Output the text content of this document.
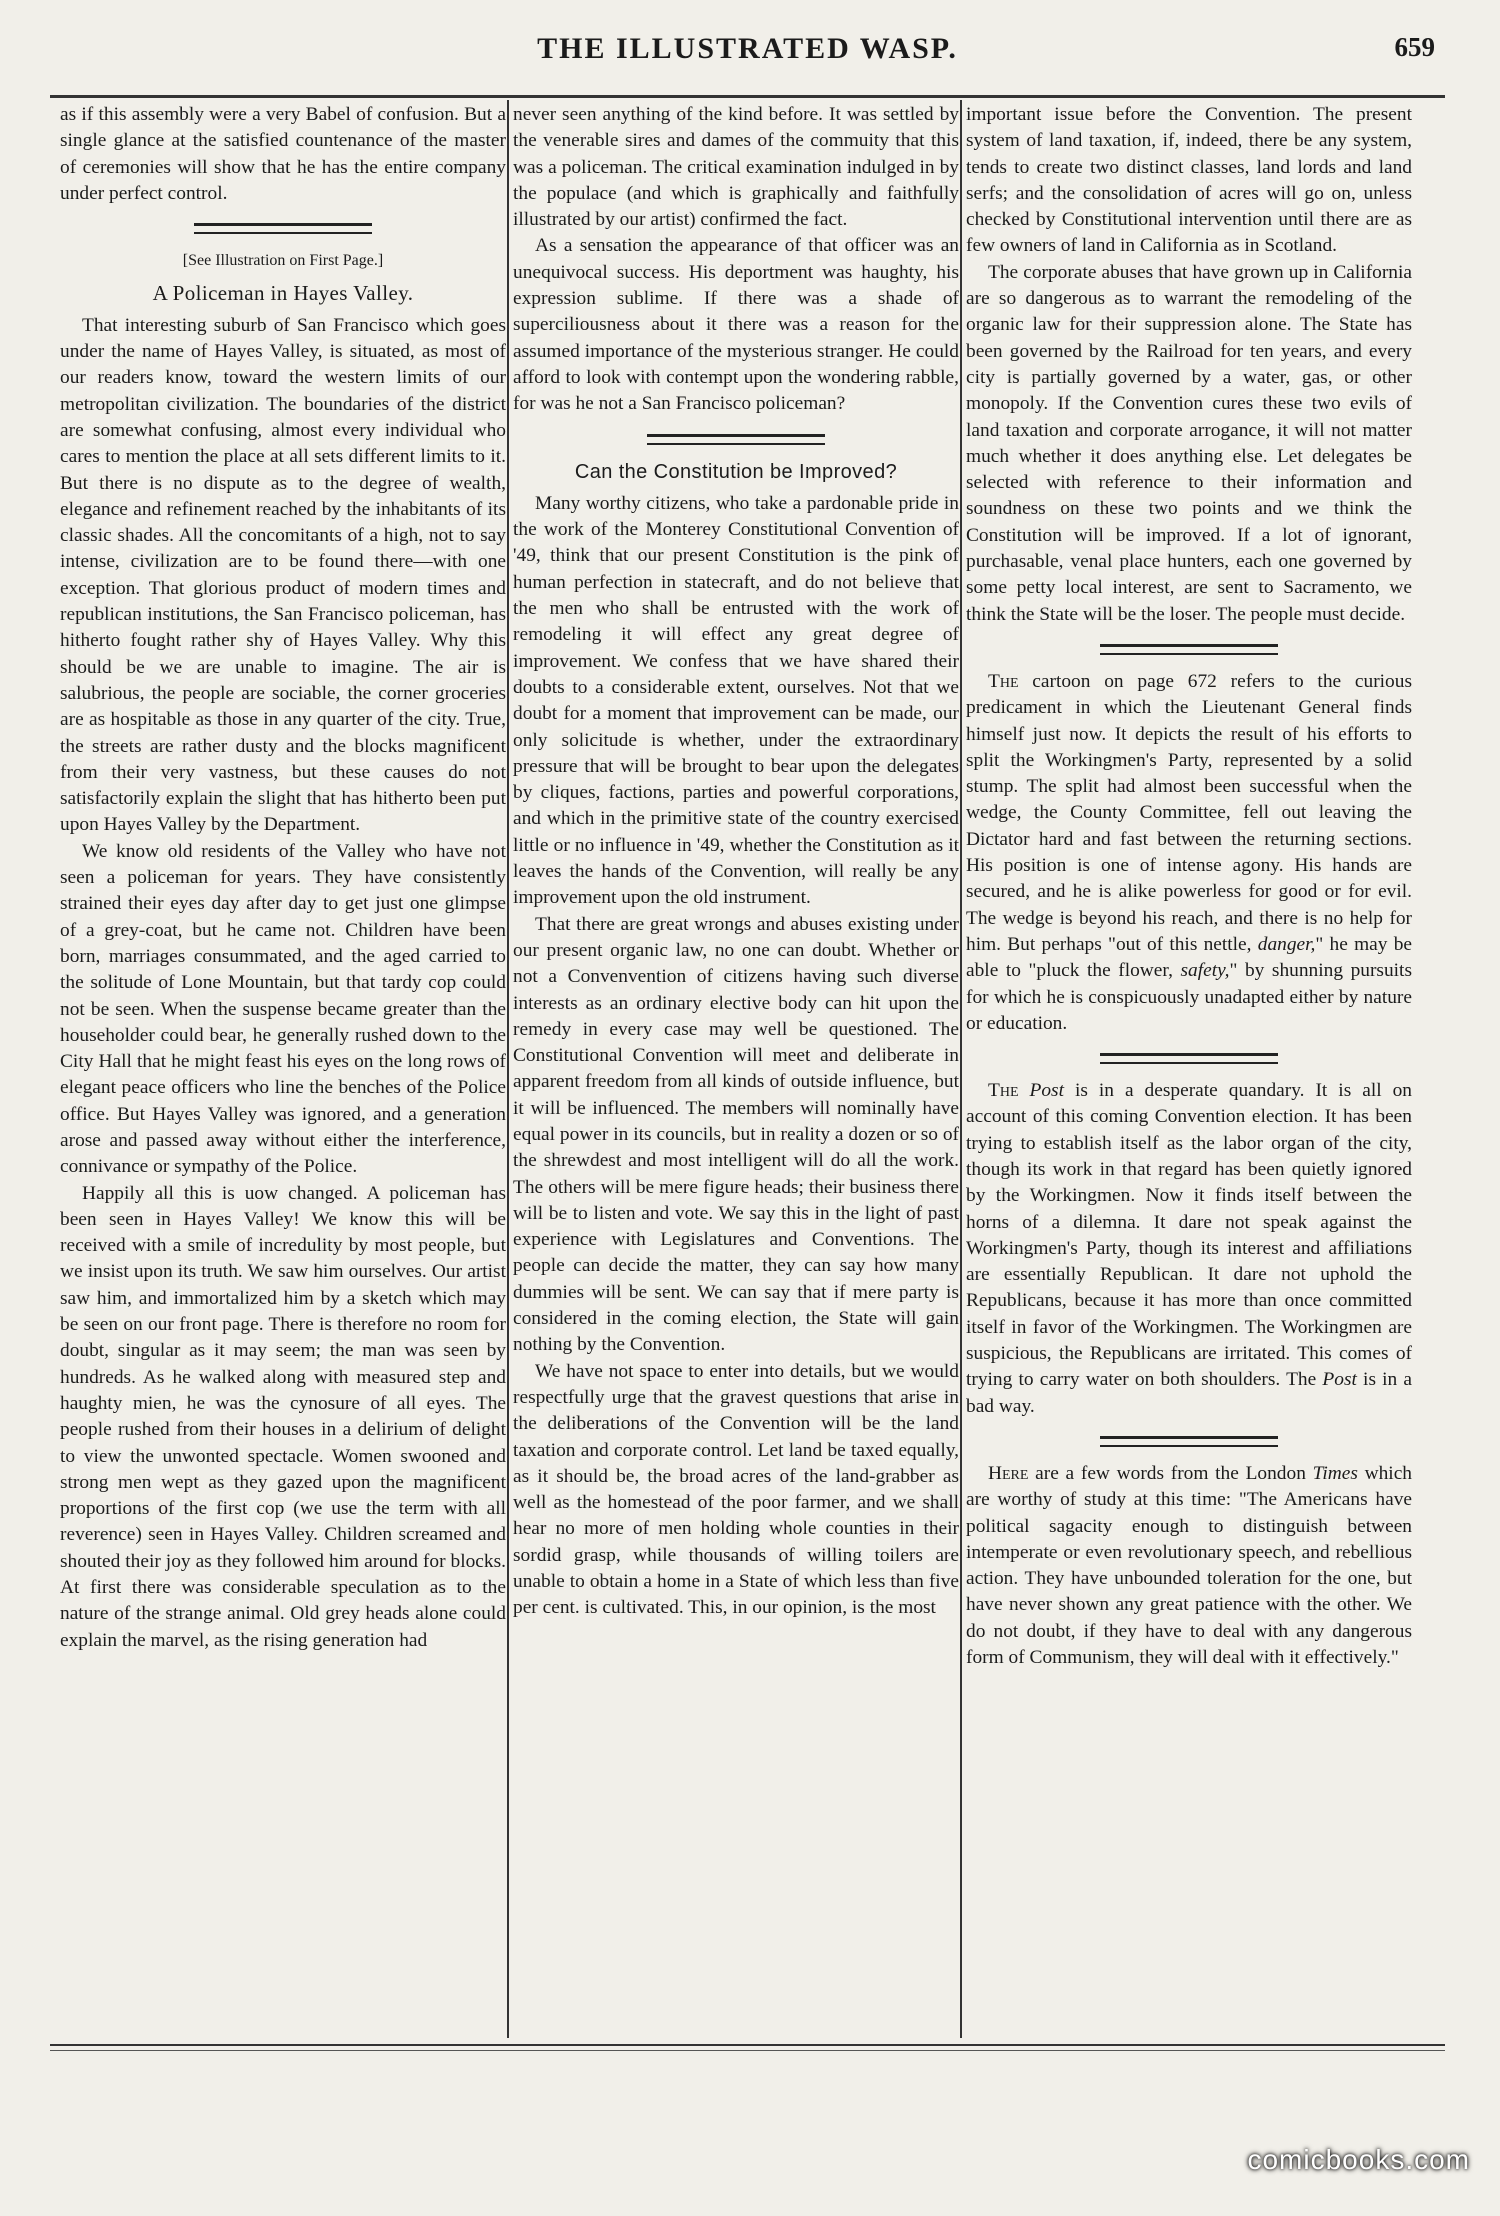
THE ILLUSTRATED WASP.	659

as if this assembly were a very Babel of confusion. But a single glance at the satisfied countenance of the master of ceremonies will show that he has the entire company under perfect control.

[See Illustration on First Page.]
A Policeman in Hayes Valley.

That interesting suburb of San Francisco which goes under the name of Hayes Valley, is situated, as most of our readers know, toward the western limits of our metropolitan civilization. The boundaries of the district are somewhat confusing, almost every individual who cares to mention the place at all sets different limits to it. But there is no dispute as to the degree of wealth, elegance and refinement reached by the inhabitants of its classic shades. All the concomitants of a high, not to say intense, civilization are to be found there—with one exception. That glorious product of modern times and republican institutions, the San Francisco policeman, has hitherto fought rather shy of Hayes Valley. Why this should be we are unable to imagine. The air is salubrious, the people are sociable, the corner groceries are as hospitable as those in any quarter of the city. True, the streets are rather dusty and the blocks magnificent from their very vastness, but these causes do not satisfactorily explain the slight that has hitherto been put upon Hayes Valley by the Department.

We know old residents of the Valley who have not seen a policeman for years. They have consistently strained their eyes day after day to get just one glimpse of a grey-coat, but he came not. Children have been born, marriages consummated, and the aged carried to the solitude of Lone Mountain, but that tardy cop could not be seen. When the suspense became greater than the householder could bear, he generally rushed down to the City Hall that he might feast his eyes on the long rows of elegant peace officers who line the benches of the Police office. But Hayes Valley was ignored, and a generation arose and passed away without either the interference, connivance or sympathy of the Police.

Happily all this is uow changed. A policeman has been seen in Hayes Valley! We know this will be received with a smile of incredulity by most people, but we insist upon its truth. We saw him ourselves. Our artist saw him, and immortalized him by a sketch which may be seen on our front page. There is therefore no room for doubt, singular as it may seem; the man was seen by hundreds. As he walked along with measured step and haughty mien, he was the cynosure of all eyes. The people rushed from their houses in a delirium of delight to view the unwonted spectacle. Women swooned and strong men wept as they gazed upon the magnificent proportions of the first cop (we use the term with all reverence) seen in Hayes Valley. Children screamed and shouted their joy as they followed him around for blocks. At first there was considerable speculation as to the nature of the strange animal. Old grey heads alone could explain the marvel, as the rising generation had

never seen anything of the kind before. It was settled by the venerable sires and dames of the commuity that this was a policeman. The critical examination indulged in by the populace (and which is graphically and faithfully illustrated by our artist) confirmed the fact.

As a sensation the appearance of that officer was an unequivocal success. His deportment was haughty, his expression sublime. If there was a shade of superciliousness about it there was a reason for the assumed importance of the mysterious stranger. He could afford to look with contempt upon the wondering rabble, for was he not a San Francisco policeman?

Can the Constitution be Improved?

Many worthy citizens, who take a pardonable pride in the work of the Monterey Constitutional Convention of '49, think that our present Constitution is the pink of human perfection in statecraft, and do not believe that the men who shall be entrusted with the work of remodeling it will effect any great degree of improvement. We confess that we have shared their doubts to a considerable extent, ourselves. Not that we doubt for a moment that improvement can be made, our only solicitude is whether, under the extraordinary pressure that will be brought to bear upon the delegates by cliques, factions, parties and powerful corporations, and which in the primitive state of the country exercised little or no influence in '49, whether the Constitution as it leaves the hands of the Convention, will really be any improvement upon the old instrument.

That there are great wrongs and abuses existing under our present organic law, no one can doubt. Whether or not a Convenvention of citizens having such diverse interests as an ordinary elective body can hit upon the remedy in every case may well be questioned. The Constitutional Convention will meet and deliberate in apparent freedom from all kinds of outside influence, but it will be influenced. The members will nominally have equal power in its councils, but in reality a dozen or so of the shrewdest and most intelligent will do all the work. The others will be mere figure heads; their business there will be to listen and vote. We say this in the light of past experience with Legislatures and Conventions. The people can decide the matter, they can say how many dummies will be sent. We can say that if mere party is considered in the coming election, the State will gain nothing by the Convention.

We have not space to enter into details, but we would respectfully urge that the gravest questions that arise in the deliberations of the Convention will be the land taxation and corporate control. Let land be taxed equally, as it should be, the broad acres of the land-grabber as well as the homestead of the poor farmer, and we shall hear no more of men holding whole counties in their sordid grasp, while thousands of willing toilers are unable to obtain a home in a State of which less than five per cent. is cultivated. This, in our opinion, is the most

important issue before the Convention. The present system of land taxation, if, indeed, there be any system, tends to create two distinct classes, land lords and land serfs; and the consolidation of acres will go on, unless checked by Constitutional intervention until there are as few owners of land in California as in Scotland.

The corporate abuses that have grown up in California are so dangerous as to warrant the remodeling of the organic law for their suppression alone. The State has been governed by the Railroad for ten years, and every city is partially governed by a water, gas, or other monopoly. If the Convention cures these two evils of land taxation and corporate arrogance, it will not matter much whether it does anything else. Let delegates be selected with reference to their information and soundness on these two points and we think the Constitution will be improved. If a lot of ignorant, purchasable, venal place hunters, each one governed by some petty local interest, are sent to Sacramento, we think the State will be the loser. The people must decide.

The cartoon on page 672 refers to the curious predicament in which the Lieutenant General finds himself just now. It depicts the result of his efforts to split the Workingmen's Party, represented by a solid stump. The split had almost been successful when the wedge, the County Committee, fell out leaving the Dictator hard and fast between the returning sections. His position is one of intense agony. His hands are secured, and he is alike powerless for good or for evil. The wedge is beyond his reach, and there is no help for him. But perhaps "out of this nettle, danger," he may be able to "pluck the flower, safety," by shunning pursuits for which he is conspicuously unadapted either by nature or education.

The Post is in a desperate quandary. It is all on account of this coming Convention election. It has been trying to establish itself as the labor organ of the city, though its work in that regard has been quietly ignored by the Workingmen. Now it finds itself between the horns of a dilemna. It dare not speak against the Workingmen's Party, though its interest and affiliations are essentially Republican. It dare not uphold the Republicans, because it has more than once committed itself in favor of the Workingmen. The Workingmen are suspicious, the Republicans are irritated. This comes of trying to carry water on both shoulders. The Post is in a bad way.

Here are a few words from the London Times which are worthy of study at this time: "The Americans have political sagacity enough to distinguish between intemperate or even revolutionary speech, and rebellious action. They have unbounded toleration for the one, but have never shown any great patience with the other. We do not doubt, if they have to deal with any dangerous form of Communism, they will deal with it effectively."

comicbooks.com
